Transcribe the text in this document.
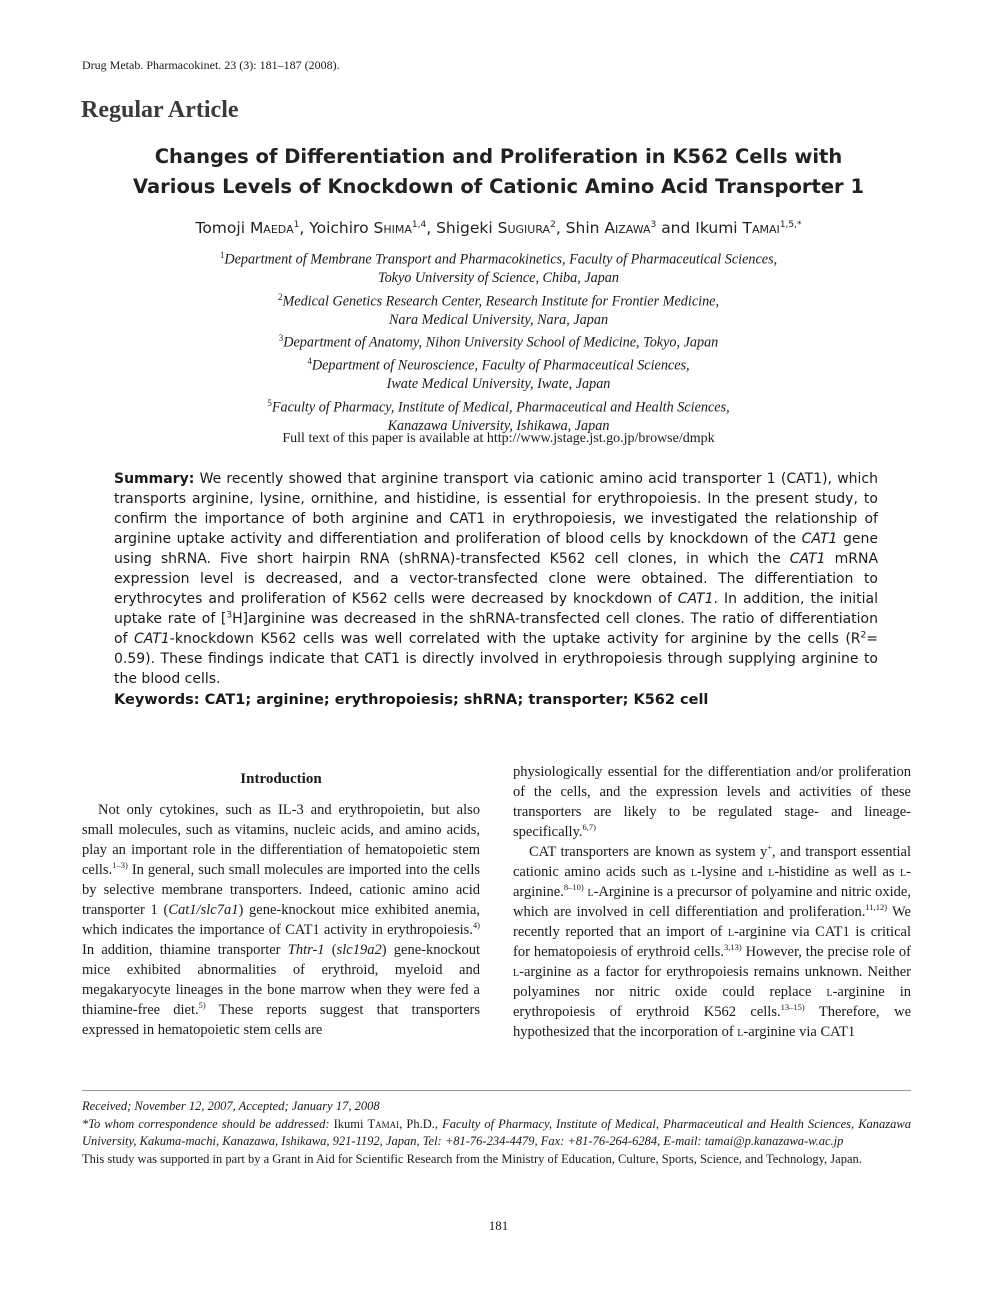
Drug Metab. Pharmacokinet. 23 (3): 181–187 (2008).
Regular Article
Changes of Differentiation and Proliferation in K562 Cells with
Various Levels of Knockdown of Cationic Amino Acid Transporter 1
Tomoji Maeda$^1$, Yoichiro Shima$^{1,4}$, Shigeki Sugiura$^2$, Shin Aizawa$^3$ and Ikumi Tamai$^{1,5,*}$
$^1$Department of Membrane Transport and Pharmacokinetics, Faculty of Pharmaceutical Sciences,
Tokyo University of Science, Chiba, Japan
$^2$Medical Genetics Research Center, Research Institute for Frontier Medicine,
Nara Medical University, Nara, Japan
$^3$Department of Anatomy, Nihon University School of Medicine, Tokyo, Japan
$^4$Department of Neuroscience, Faculty of Pharmaceutical Sciences,
Iwate Medical University, Iwate, Japan
$^5$Faculty of Pharmacy, Institute of Medical, Pharmaceutical and Health Sciences,
Kanazawa University, Ishikawa, Japan
Full text of this paper is available at http://www.jstage.jst.go.jp/browse/dmpk
Summary: We recently showed that arginine transport via cationic amino acid transporter 1 (CAT1), which transports arginine, lysine, ornithine, and histidine, is essential for erythropoiesis. In the present study, to confirm the importance of both arginine and CAT1 in erythropoiesis, we investigated the relationship of arginine uptake activity and differentiation and proliferation of blood cells by knockdown of the CAT1 gene using shRNA. Five short hairpin RNA (shRNA)-transfected K562 cell clones, in which the CAT1 mRNA expression level is decreased, and a vector-transfected clone were obtained. The differentiation to erythrocytes and proliferation of K562 cells were decreased by knockdown of CAT1. In addition, the initial uptake rate of [$^3$H]arginine was decreased in the shRNA-transfected cell clones. The ratio of differentiation of CAT1-knockdown K562 cells was well correlated with the uptake activity for arginine by the cells $(R^2= 0.59)$. These findings indicate that CAT1 is directly involved in erythropoiesis through supplying arginine to the blood cells.
Keywords: CAT1; arginine; erythropoiesis; shRNA; transporter; K562 cell
Introduction

Not only cytokines, such as IL-3 and erythropoietin, but also small molecules, such as vitamins, nucleic acids, and amino acids, play an important role in the differentiation of hematopoietic stem cells.$^{1-3)}$ In general, such small molecules are imported into the cells by selective membrane transporters. Indeed, cationic amino acid transporter 1 (Cat1/slc7a1) gene-knockout mice exhibited anemia, which indicates the importance of CAT1 activity in erythropoiesis.$^{4)}$ In addition, thiamine transporter Thtr-1 (slc19a2) gene-knockout mice exhibited abnormalities of erythroid, myeloid and megakaryocyte lineages in the bone marrow when they were fed a thiamine-free diet.$^{5)}$ These reports suggest that transporters expressed in hematopoietic stem cells are

physiologically essential for the differentiation and/or proliferation of the cells, and the expression levels and activities of these transporters are likely to be regulated stage- and lineage-specifically.$^{6,7)}$

CAT transporters are known as system y+, and transport essential cationic amino acids such as l-lysine and l-histidine as well as l-arginine.$^{8-10)}$ l-Arginine is a precursor of polyamine and nitric oxide, which are involved in cell differentiation and proliferation.$^{11,12)}$ We recently reported that an import of l-arginine via CAT1 is critical for hematopoiesis of erythroid cells.$^{3,13)}$ However, the precise role of l-arginine as a factor for erythropoiesis remains unknown. Neither polyamines nor nitric oxide could replace l-arginine in erythropoiesis of erythroid K562 cells.$^{13-15)}$ Therefore, we hypothesized that the incorporation of l-arginine via CAT1

Received; November 12, 2007, Accepted; January 17, 2008

*To whom correspondence should be addressed: Ikumi Tamai, Ph.D., Faculty of Pharmacy, Institute of Medical, Pharmaceutical and Health Sciences, Kanazawa University, Kakuma-machi, Kanazawa, Ishikawa, 921-1192, Japan, Tel: +81-76-234-4479, Fax: +81-76-264-6284, E-mail: tamai@p.kanazawa-w.ac.jp

This study was supported in part by a Grant in Aid for Scientific Research from the Ministry of Education, Culture, Sports, Science, and Technology, Japan.

181
